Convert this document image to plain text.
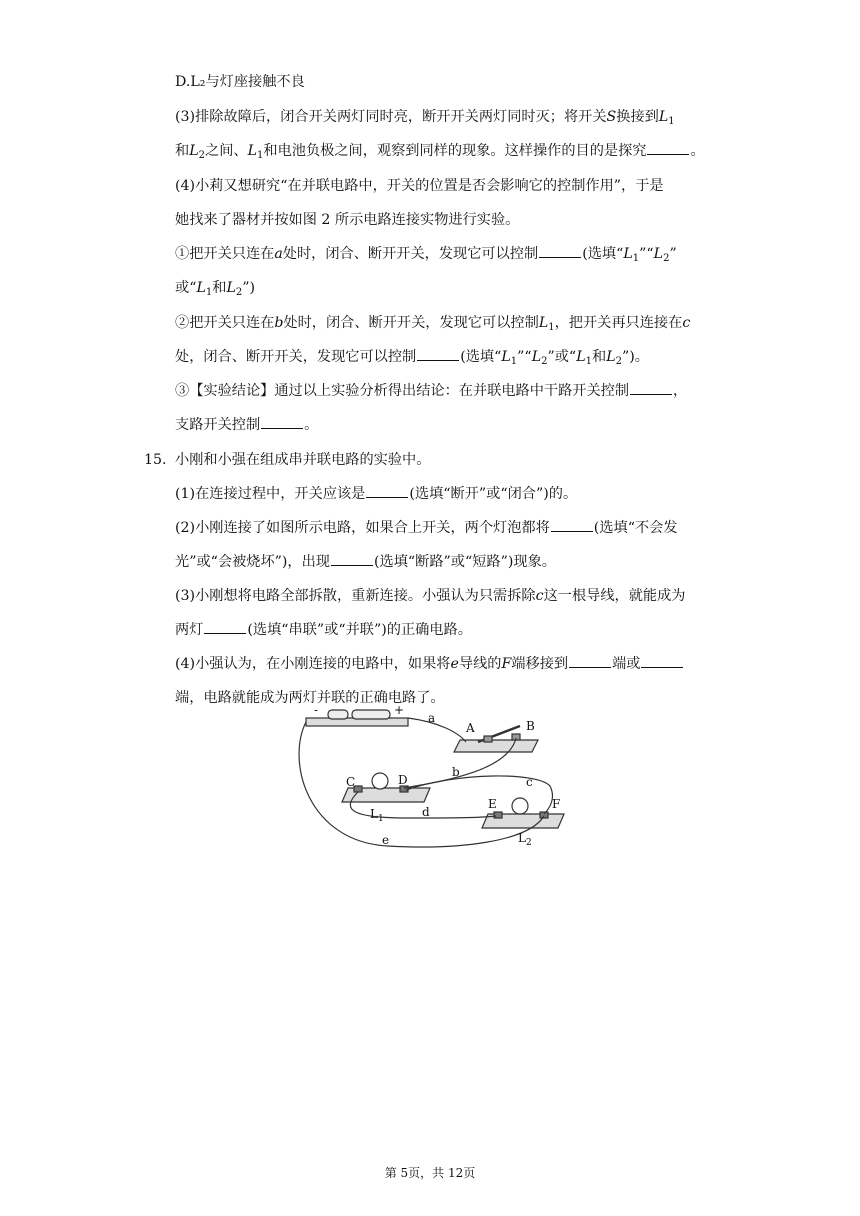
D.L₂与灯座接触不良
(3)排除故障后，闭合开关两灯同时亮，断开开关两灯同时灭；将开关S换接到$L_1$
和$L_2$之间、$L_1$和电池负极之间，观察到同样的现象。这样操作的目的是探究	。
(4)小莉又想研究“在并联电路中，开关的位置是否会影响它的控制作用”，于是
她找来了器材并按如图 2 所示电路连接实物进行实验。
①把开关只连在a处时，闭合、断开开关，发现它可以控制	(选填“$L_1”“L_2$”
或“$L_1$和$L_2$”)
②把开关只连在b处时，闭合、断开开关，发现它可以控制$L_1$，把开关再只连接在c
处，闭合、断开开关，发现它可以控制	(选填“$L_1”“L_2$”或“$L_1$和$L_2$”)。
③【实验结论】通过以上实验分析得出结论：在并联电路中干路开关控制	，
支路开关控制	。
15. 小刚和小强在组成串并联电路的实验中。
(1)在连接过程中，开关应该是	(选填“断开”或“闭合”)的。
(2)小刚连接了如图所示电路，如果合上开关，两个灯泡都将	(选填“不会发
光”或“会被烧坏”)，出现	(选填“断路”或“短路”)现象。
(3)小刚想将电路全部拆散，重新连接。小强认为只需拆除c这一根导线，就能成为
两灯	(选填“串联”或“并联”)的正确电路。
(4)小强认为，在小刚连接的电路中，如果将e导线的F端移接到	端或
端，电路就能成为两灯并联的正确电路了。
-	+
a
A	B
b
c
C	D
E	F
d
e
$L_1$
$L_2$
第 5页，共 12页
